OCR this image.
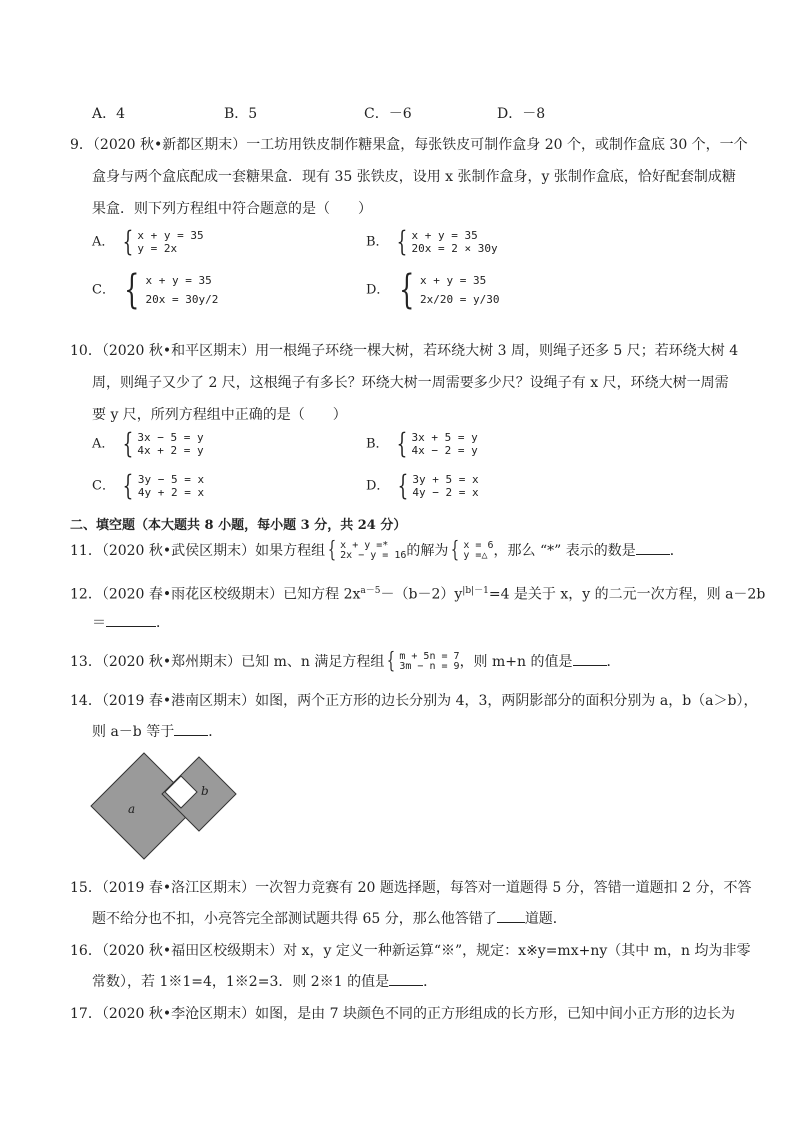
A．4	B．5	C．－6	D．－8
9．（2020 秋•新都区期末）一工坊用铁皮制作糖果盒，每张铁皮可制作盒身 20 个，或制作盒底 30 个，一个
盒身与两个盒底配成一套糖果盒．现有 35 张铁皮，设用 x 张制作盒身，y 张制作盒底，恰好配套制成糖
果盒．则下列方程组中符合题意的是（　　）
A． { x + y = 35
y = 2x	B． { x + y = 35
20x = 2 × 30y
C． { x + y = 35
20x = 30y/2
D． { x + y = 35
2x/20 = y/30
10．（2020 秋•和平区期末）用一根绳子环绕一棵大树，若环绕大树 3 周，则绳子还多 5 尺；若环绕大树 4
周，则绳子又少了 2 尺，这根绳子有多长？环绕大树一周需要多少尺？设绳子有 x 尺，环绕大树一周需
要 y 尺，所列方程组中正确的是（　　）
A． { 3x − 5 = y
4x + 2 = y	B． { 3x + 5 = y
4x − 2 = y
C． { 3y − 5 = x
4y + 2 = x	D． { 3y + 5 = x
4y − 2 = x
二、填空题（本大题共 8 小题，每小题 3 分，共 24 分）
11．（2020 秋•武侯区期末）如果方程组 { x + y =*
2x − y = 16 的解为 { x = 6
y =△ ，那么 “*” 表示的数是 ．
12．（2020 春•雨花区校级期末）已知方程 $2x^{a-5}-(b-2)y^{|b|-1}=4$ 是关于 x，y 的二元一次方程，则 a－2b
＝	．
13．（2020 秋•郑州期末）已知 m、n 满足方程组 { m + 5n = 7
3m − n = 9 ，则 m+n 的值是 ．
14．（2019 春•港南区期末）如图，两个正方形的边长分别为 4，3，两阴影部分的面积分别为 a，b（a＞b），
则 a－b 等于 ．
a
b
15．（2019 春•洛江区期末）一次智力竞赛有 20 题选择题，每答对一道题得 5 分，答错一道题扣 2 分，不答
题不给分也不扣，小亮答完全部测试题共得 65 分，那么他答错了 道题．
16．（2020 秋•福田区校级期末）对 x，y 定义一种新运算“※”，规定：x※y=mx+ny（其中 m，n 均为非零
常数），若 1※1=4，1※2=3．则 2※1 的值是 ．
17．（2020 秋•李沧区期末）如图，是由 7 块颜色不同的正方形组成的长方形，已知中间小正方形的边长为
